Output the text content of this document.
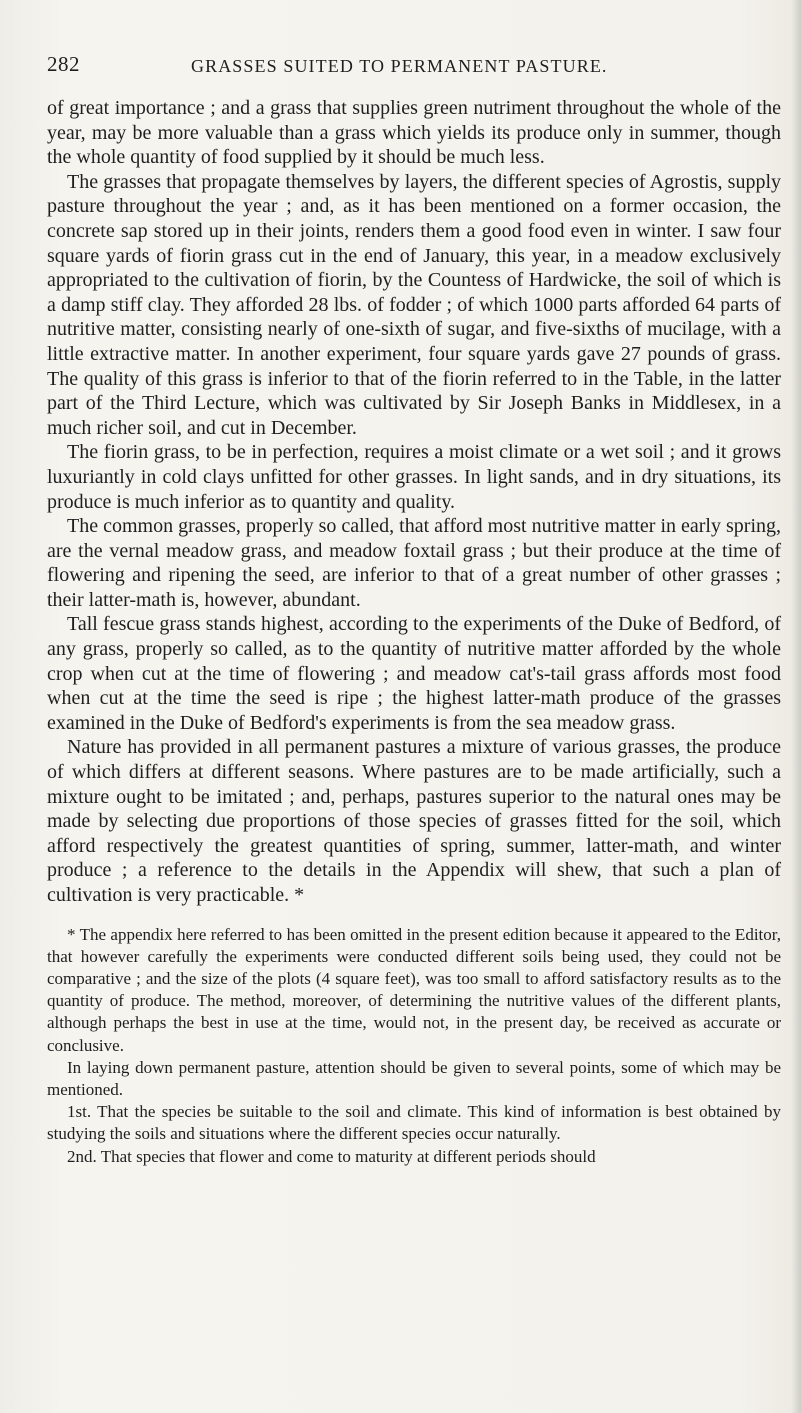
282	GRASSES SUITED TO PERMANENT PASTURE.

of great importance ; and a grass that supplies green nutriment throughout the whole of the year, may be more valuable than a grass which yields its produce only in summer, though the whole quantity of food supplied by it should be much less.

The grasses that propagate themselves by layers, the different species of Agrostis, supply pasture throughout the year ; and, as it has been mentioned on a former occasion, the concrete sap stored up in their joints, renders them a good food even in winter. I saw four square yards of fiorin grass cut in the end of January, this year, in a meadow exclusively appropriated to the cultivation of fiorin, by the Countess of Hardwicke, the soil of which is a damp stiff clay. They afforded 28 lbs. of fodder ; of which 1000 parts afforded 64 parts of nutritive matter, consisting nearly of one-sixth of sugar, and five-sixths of mucilage, with a little extractive matter. In another experiment, four square yards gave 27 pounds of grass. The quality of this grass is inferior to that of the fiorin referred to in the Table, in the latter part of the Third Lecture, which was cultivated by Sir Joseph Banks in Middlesex, in a much richer soil, and cut in December.

The fiorin grass, to be in perfection, requires a moist climate or a wet soil ; and it grows luxuriantly in cold clays unfitted for other grasses. In light sands, and in dry situations, its produce is much inferior as to quantity and quality.

The common grasses, properly so called, that afford most nutritive matter in early spring, are the vernal meadow grass, and meadow foxtail grass ; but their produce at the time of flowering and ripening the seed, are inferior to that of a great number of other grasses ; their latter-math is, however, abundant.

Tall fescue grass stands highest, according to the experiments of the Duke of Bedford, of any grass, properly so called, as to the quantity of nutritive matter afforded by the whole crop when cut at the time of flowering ; and meadow cat's-tail grass affords most food when cut at the time the seed is ripe ; the highest latter-math produce of the grasses examined in the Duke of Bedford's experiments is from the sea meadow grass.

Nature has provided in all permanent pastures a mixture of various grasses, the produce of which differs at different seasons. Where pastures are to be made artificially, such a mixture ought to be imitated ; and, perhaps, pastures superior to the natural ones may be made by selecting due proportions of those species of grasses fitted for the soil, which afford respectively the greatest quantities of spring, summer, latter-math, and winter produce ; a reference to the details in the Appendix will shew, that such a plan of cultivation is very practicable. *

* The appendix here referred to has been omitted in the present edition because it appeared to the Editor, that however carefully the experiments were conducted different soils being used, they could not be comparative ; and the size of the plots (4 square feet), was too small to afford satisfactory results as to the quantity of produce. The method, moreover, of determining the nutritive values of the different plants, although perhaps the best in use at the time, would not, in the present day, be received as accurate or conclusive.

In laying down permanent pasture, attention should be given to several points, some of which may be mentioned.

1st. That the species be suitable to the soil and climate. This kind of information is best obtained by studying the soils and situations where the different species occur naturally.

2nd. That species that flower and come to maturity at different periods should
